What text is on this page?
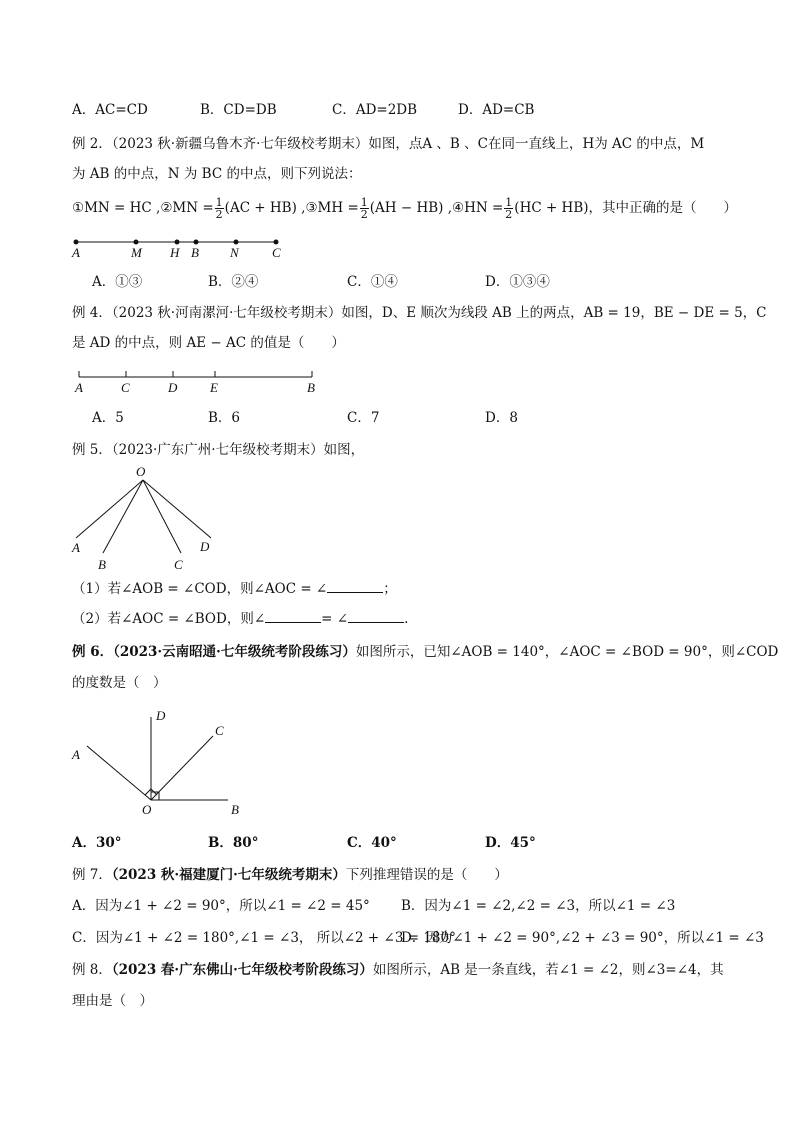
A．AC=CD	B．CD=DB	C．AD=2DB	D．AD=CB
例 2．（2023 秋·新疆乌鲁木齐·七年级校考期末）如图，点A 、B 、C在同一直线上，H为 AC 的中点，M
为 AB 的中点，N 为 BC 的中点，则下列说法：
①MN = HC ,②MN = $\frac{1}{2} (AC + HB)$ ,③MH = $\frac{1}{2} (AH - HB)$ ,④HN = $\frac{1}{2} (HC + HB)$，其中正确的是（　　）
A	M H B N	C
A．①③	B．②④	C．①④	D．①③④
例 4．（2023 秋·河南漯河·七年级校考期末）如图，D、E 顺次为线段 AB 上的两点，AB = 19，BE − DE = 5，C
是 AD 的中点，则 AE − AC 的值是（　　）
A	C	D	E	B
A．5	B．6	C．7	D．8
例 5．（2023·广东广州·七年级校考期末）如图，
O
A
B	C
D
（1）若∠AOB = ∠COD，则∠AOC = ∠	；
（2）若∠AOC = ∠BOD，则∠	= ∠	.
例 6．（2023·云南昭通·七年级统考阶段练习）如图所示，已知∠AOB = 140°，∠AOC = ∠BOD = 90°，则∠COD
的度数是（　）
D
C
A
O	B
A．30°	B．80°	C．40°	D．45°
例 7．（2023 秋·福建厦门·七年级统考期末）下列推理错误的是（　　）
A．因为∠1 + ∠2 = 90°，所以∠1 = ∠2 = 45° B．因为∠1 = ∠2,∠2 = ∠3，所以∠1 = ∠3
C．因为∠1 + ∠2 = 180°,∠1 = ∠3， 所以∠2 + ∠3 = 180°
D．因为∠1 + ∠2 = 90°,∠2 + ∠3 = 90°，所以∠1 = ∠3
例 8．（2023 春·广东佛山·七年级校考阶段练习）如图所示，AB 是一条直线，若∠1 = ∠2，则∠3=∠4，其
理由是（　）
